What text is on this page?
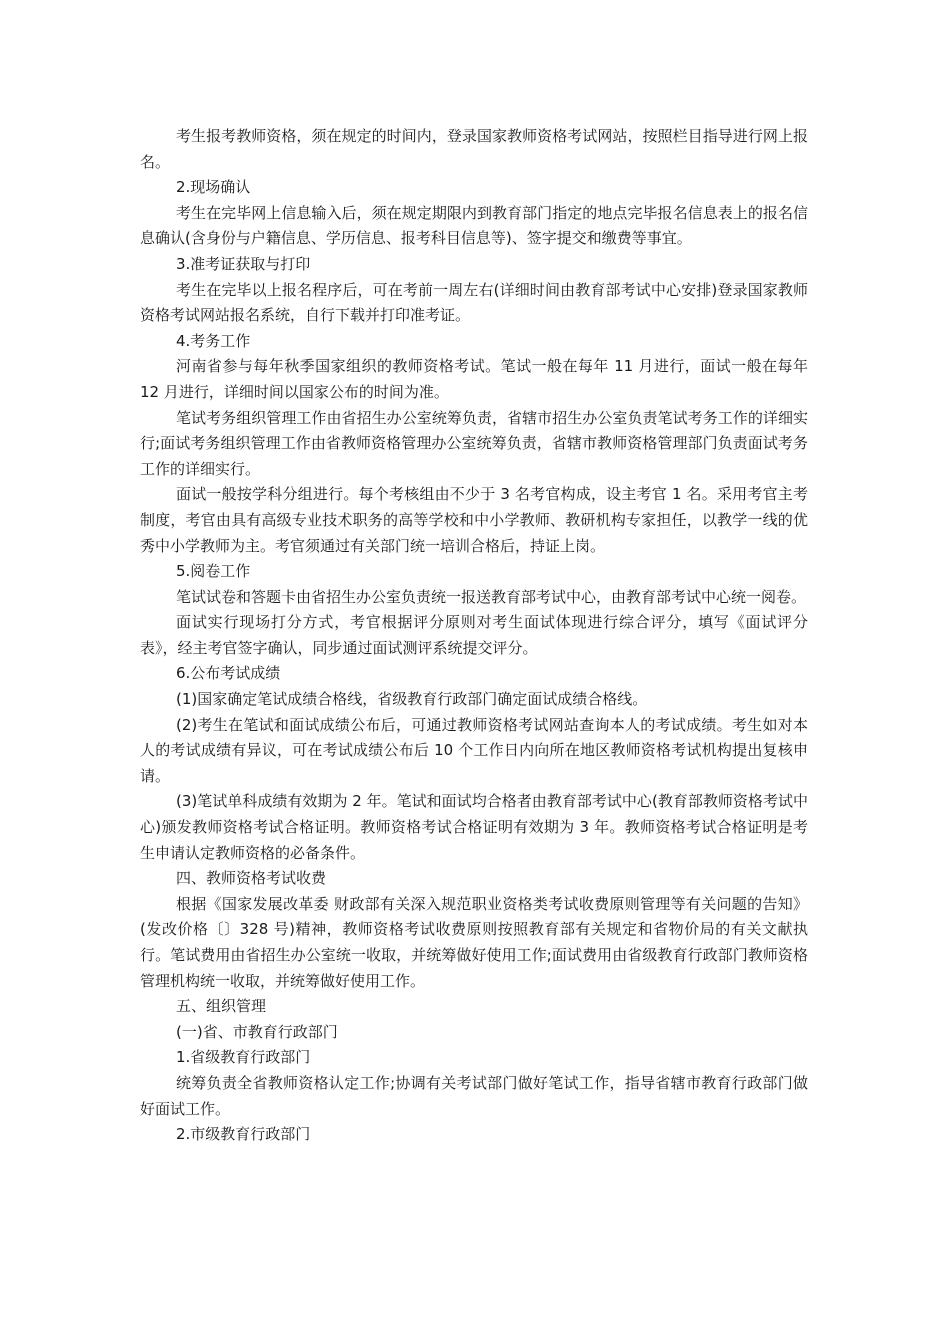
考生报考教师资格，须在规定的时间内，登录国家教师资格考试网站，按照栏目指导进行网上报名。

2.现场确认

考生在完毕网上信息输入后，须在规定期限内到教育部门指定的地点完毕报名信息表上的报名信息确认(含身份与户籍信息、学历信息、报考科目信息等)、签字提交和缴费等事宜。

3.准考证获取与打印

考生在完毕以上报名程序后，可在考前一周左右(详细时间由教育部考试中心安排)登录国家教师资格考试网站报名系统，自行下载并打印准考证。

4.考务工作

河南省参与每年秋季国家组织的教师资格考试。笔试一般在每年 11 月进行，面试一般在每年 12 月进行，详细时间以国家公布的时间为准。

笔试考务组织管理工作由省招生办公室统筹负责，省辖市招生办公室负责笔试考务工作的详细实行;面试考务组织管理工作由省教师资格管理办公室统筹负责，省辖市教师资格管理部门负责面试考务工作的详细实行。

面试一般按学科分组进行。每个考核组由不少于 3 名考官构成，设主考官 1 名。采用考官主考制度，考官由具有高级专业技术职务的高等学校和中小学教师、教研机构专家担任，以教学一线的优秀中小学教师为主。考官须通过有关部门统一培训合格后，持证上岗。

5.阅卷工作

笔试试卷和答题卡由省招生办公室负责统一报送教育部考试中心，由教育部考试中心统一阅卷。

面试实行现场打分方式，考官根据评分原则对考生面试体现进行综合评分，填写《面试评分表》，经主考官签字确认，同步通过面试测评系统提交评分。

6.公布考试成绩

(1)国家确定笔试成绩合格线，省级教育行政部门确定面试成绩合格线。

(2)考生在笔试和面试成绩公布后，可通过教师资格考试网站查询本人的考试成绩。考生如对本人的考试成绩有异议，可在考试成绩公布后 10 个工作日内向所在地区教师资格考试机构提出复核申请。

(3)笔试单科成绩有效期为 2 年。笔试和面试均合格者由教育部考试中心(教育部教师资格考试中心)颁发教师资格考试合格证明。教师资格考试合格证明有效期为 3 年。教师资格考试合格证明是考生申请认定教师资格的必备条件。

四、教师资格考试收费

根据《国家发展改革委 财政部有关深入规范职业资格类考试收费原则管理等有关问题的告知》(发改价格〔〕328 号)精神，教师资格考试收费原则按照教育部有关规定和省物价局的有关文献执行。笔试费用由省招生办公室统一收取，并统筹做好使用工作;面试费用由省级教育行政部门教师资格管理机构统一收取，并统筹做好使用工作。

五、组织管理

(一)省、市教育行政部门

1.省级教育行政部门

统筹负责全省教师资格认定工作;协调有关考试部门做好笔试工作，指导省辖市教育行政部门做好面试工作。

2.市级教育行政部门
